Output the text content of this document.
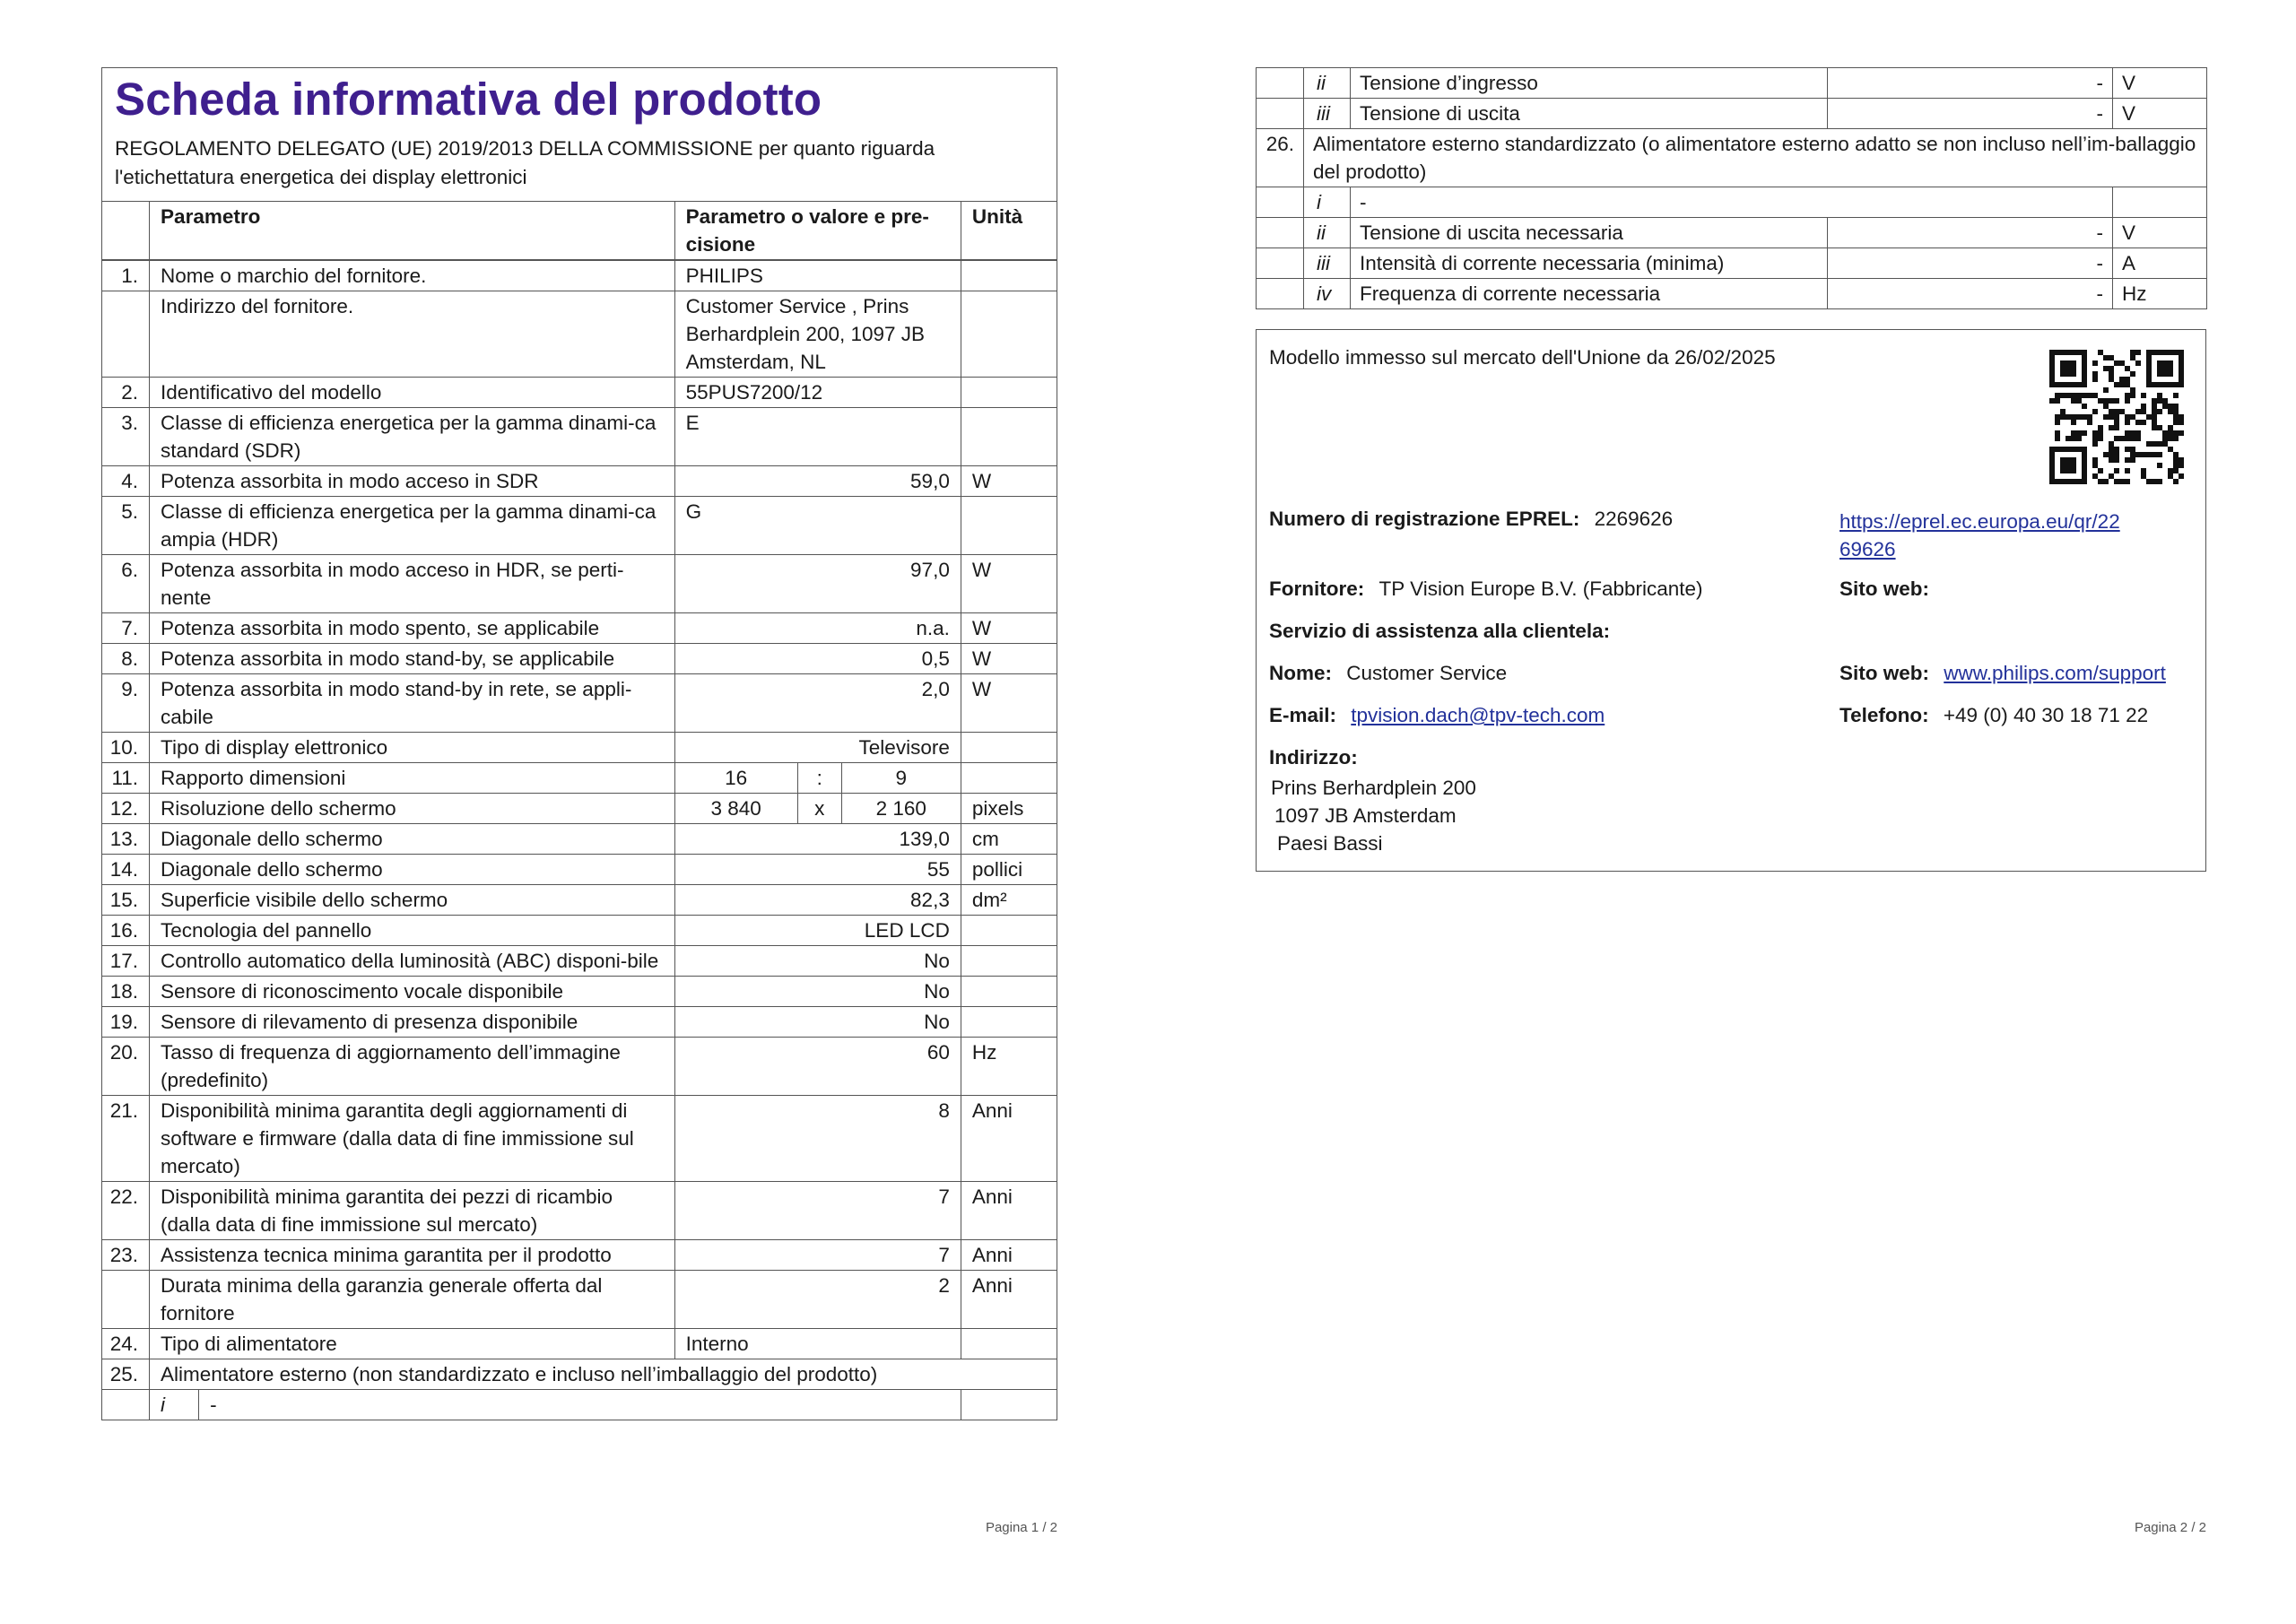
Scheda informativa del prodotto
REGOLAMENTO DELEGATO (UE) 2019/2013 DELLA COMMISSIONE per quanto riguarda l'etichettatura energetica dei display elettronici
	Parametro	Parametro o valore e pre-cisione	Unità
1.	Nome o marchio del fornitore.		PHILIPS			
	Indirizzo del fornitore.		Customer Service , Prins Berhardplein 200, 1097 JB Amsterdam, NL			
2.	Identificativo del modello		55PUS7200/12			
3.	Classe di efficienza energetica per la gamma dinami-ca standard (SDR)		E			
4.	Potenza assorbita in modo acceso in SDR		59,0			W
5.	Classe di efficienza energetica per la gamma dinami-ca ampia (HDR)		G			
6.	Potenza assorbita in modo acceso in HDR, se perti-nente		97,0			W
7.	Potenza assorbita in modo spento, se applicabile		n.a.			W
8.	Potenza assorbita in modo stand-by, se applicabile		0,5			W
9.	Potenza assorbita in modo stand-by in rete, se appli-cabile		2,0			W
10.	Tipo di display elettronico		Televisore			
11.	Rapporto dimensioni		16	:	9	
12.	Risoluzione dello schermo		3 840	x	2 160	pixels
13.	Diagonale dello schermo		139,0			cm
14.	Diagonale dello schermo		55			pollici
15.	Superficie visibile dello schermo		82,3			dm²
16.	Tecnologia del pannello		LED LCD			
17.	Controllo automatico della luminosità (ABC) disponi-bile		No			
18.	Sensore di riconoscimento vocale disponibile		No			
19.	Sensore di rilevamento di presenza disponibile		No			
20.	Tasso di frequenza di aggiornamento dell’immagine (predefinito)		60			Hz
21.	Disponibilità minima garantita degli aggiornamenti di software e firmware (dalla data di fine immissione sul mercato)		8			Anni
22.	Disponibilità minima garantita dei pezzi di ricambio (dalla data di fine immissione sul mercato)		7			Anni
23.	Assistenza tecnica minima garantita per il prodotto		7			Anni
	Durata minima della garanzia generale offerta dal fornitore		2			Anni
24.	Tipo di alimentatore		Interno			
25.	Alimentatore esterno (non standardizzato e incluso nell’imballaggio del prodotto)					
	i	-				
Pagina 1 / 2
	ii	Tensione d’ingresso	-	V
	iii	Tensione di uscita	-	V
26.	Alimentatore esterno standardizzato (o alimentatore esterno adatto se non incluso nell’im-ballaggio del prodotto)			
	i	-		
	ii	Tensione di uscita necessaria	-	V
	iii	Intensità di corrente necessaria (minima)	-	A
	iv	Frequenza di corrente necessaria	-	Hz
Modello immesso sul mercato dell'Unione da 26/02/2025
Numero di registrazione EPREL: 2269626	https://eprel.ec.europa.eu/qr/22
69626
Fornitore: TP Vision Europe B.V. (Fabbricante)	Sito web:
Servizio di assistenza alla clientela:
Nome: Customer Service	Sito web: www.philips.com/support
E-mail: tpvision.dach@tpv-tech.com	Telefono: +49 (0) 40 30 18 71 22
Indirizzo:
Prins Berhardplein 200
1097 JB Amsterdam
Paesi Bassi
Pagina 2 / 2
